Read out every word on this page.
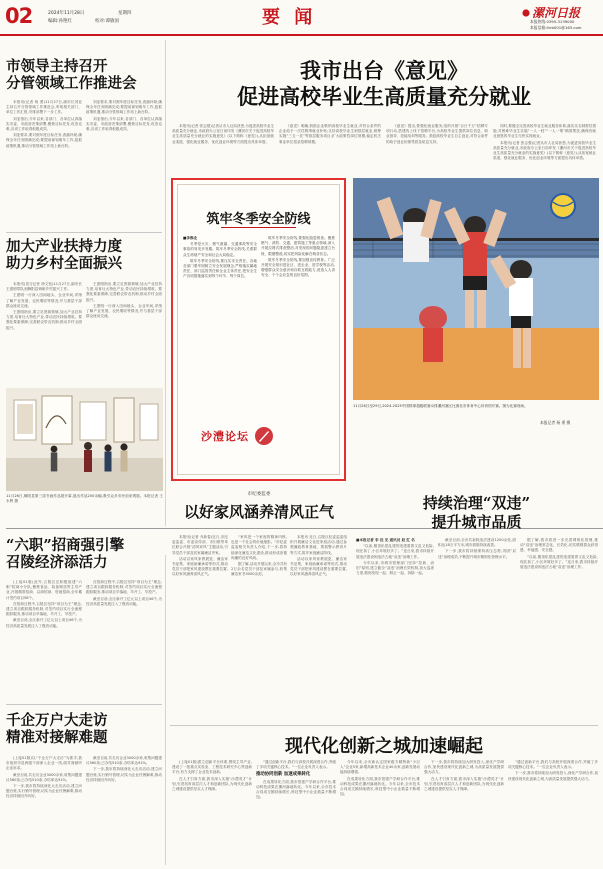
02	2024年11月28日	星期四
编辑:孙艳红	校对:谭敏国	要 闻	漯河日报
本报热线:0395-3139000
本报信箱:lhrb001@163.com
市领导主持召开
分管领域工作推进会

本报讯(记者 杨 勇)11月27日,副市长刘亚主持召开分管领域工作推进会,听取相关部门、单位工作汇报,安排部署下一步工作。

刘亚指出,今年以来,各部门、各单位认真落实市委、市政府决策部署,聚焦目标任务,攻坚克难,各项工作取得积极成效。

刘亚要求,要对照年度目标任务,查漏补缺,确保全年任务圆满完成;要提前谋划明年工作,抢抓政策机遇,推动分管领域工作再上新台阶。

刘亚要求,要对照年度目标任务,查漏补缺,确保全年任务圆满完成;要提前谋划明年工作,抢抓政策机遇,推动分管领域工作再上新台阶。

刘亚指出,今年以来,各部门、各单位认真落实市委、市政府决策部署,聚焦目标任务,攻坚克难,各项工作取得积极成效。

加大产业扶持力度
助力乡村全面振兴

本报讯(见习记者 徐文钰)11月27日,副市长王建明带队到舞阳县调研乡村振兴工作。

王建明一行深入田间地头、企业车间,详细了解产业发展、农民增收等情况,并与基层干部群众座谈交流。

王建明指出,要立足资源禀赋,加大产业扶持力度,培育壮大特色产业,带动农民持续增收。要强化要素保障,完善联农带农机制,推动乡村全面振兴。

王建明指出,要立足资源禀赋,加大产业扶持力度,培育壮大特色产业,带动农民持续增收。要强化要素保障,完善联农带农机制,推动乡村全面振兴。

王建明一行深入田间地头、企业车间,详细了解产业发展、农民增收等情况,并与基层干部群众座谈交流。

11月26日,舞阳县第三届书画作品展开幕,展出作品200余幅,吸引众多市民前来观展。本报记者 王永利 摄
“六职”招商强引擎
召陵经济添活力

(上接01版)此外,召陵区还积极组建“六职”招商小分队,聚焦食品、装备制造等主导产业,开展精准招商、以商招商、驻地招商,全年累计签约项目58个。

在招商过程中,召陵区坚持“项目为王”理念,建立项目跟踪服务机制,对签约项目实行全流程跟踪服务,推动项目早落地、早开工、早投产。

截至目前,全区新开工亿元以上项目46个,为经济高质量发展注入了强劲动能。

在招商过程中,召陵区坚持“项目为王”理念,建立项目跟踪服务机制,对签约项目实行全流程跟踪服务,推动项目早落地、早开工、早投产。

截至目前,全区新开工亿元以上项目46个,为经济高质量发展注入了强劲动能。

千企万户大走访
精准对接解难题

(上接01版)以“千企万户大走访”为抓手,我市组织市县两级干部深入企业一线,面对面倾听企业诉求。

截至目前,共走访企业3000余家,收集问题建议560条,已办结510条,办结率达91%。

下一步,我市将持续深化大走访活动,建立问题台账,实行销号管理,切实为企业纾困解难,推动经济持续回升向好。

截至目前,共走访企业3000余家,收集问题建议560条,已办结510条,办结率达91%。

下一步,我市将持续深化大走访活动,建立问题台账,实行销号管理,切实为企业纾困解难,推动经济持续回升向好。

我市出台《意见》
促进高校毕业生高质量充分就业

本报讯(记者 张志强)记者从市人社局获悉,为促进高校毕业生高质量充分就业,市政府办公室日前印发《漯河市关于促进高校毕业生高质量充分就业的实施意见》(以下简称《意见》),从拓宽就业渠道、强化就业服务、优化创业环境等方面提出具体举措。

《意见》明确,鼓励企业吸纳高校毕业生就业,对符合条件的企业给予一次性吸纳就业补贴;支持高校毕业生到基层就业,统筹实施“三支一扶”等基层服务项目;扩大政策性岗位规模,稳定机关事业单位招录招聘规模。

《意见》提出,要强化就业服务,组织开展“百日千万”招聘专项行动,搭建线上线下招聘平台,为高校毕业生提供岗位信息、职业指导、技能培训等服务。鼓励高校毕业生自主创业,对符合条件的给予创业担保贷款及贴息支持。

同时,要健全完善高校毕业生就业服务体系,落实实名制帮扶措施,对困难毕业生实施“一人一档”“一人一策”精准帮扶,确保有就业意愿的毕业生尽快实现就业。

本报讯(记者 张志强)记者从市人社局获悉,为促进高校毕业生高质量充分就业,市政府办公室日前印发《漯河市关于促进高校毕业生高质量充分就业的实施意见》(以下简称《意见》),从拓宽就业渠道、强化就业服务、优化创业环境等方面提出具体举措。

筑牢冬季安全防线

■李淮北

冬季是火灾、燃气泄漏、交通事故等安全事故的易发多发期。筑牢冬季安全防线,关系群众生命财产安全和社会大局稳定。

筑牢冬季安全防线,要压实安全责任。各地各部门要牢固树立安全发展理念,严格落实属地责任、部门监管责任和企业主体责任,把安全生产各项措施落实到每个环节、每个岗位。

筑牢冬季安全防线,要强化隐患排查。聚焦燃气、消防、交通、建筑施工等重点领域,深入开展拉网式排查整治,对发现的问题隐患建立台账、限期整改,切实把风险化解在萌芽状态。

筑牢冬季安全防线,要加强宣传教育。广泛开展安全知识进社区、进企业、进学校等活动,增强群众安全意识和自救互救能力,营造人人讲安全、个个会应急的良好氛围。

沙澧论坛
11月26日至29日,2024-2025中国排球超级联赛女排漯河赛区比赛在市体育中心体育馆开赛。图为比赛现场。
本报记者 杨 勇 摄
市纪委监委
以好家风涵养清风正气

本报讯(记者 乔新春)近日,市纪委监委、市委宣传部、市妇联等单位联合开展“清风家风”主题活动,引导党员干部及其家属廉洁齐家。

活动以家风家教展览、廉洁家书征集、家庭助廉承诺等形式,推动党员干部把家风建设摆在重要位置,以好家风涵养清风正气。

“家风是一个家庭的精神内核,也是一个社会的价值缩影。”市纪委监委相关负责人介绍,下一步,将持续深化廉洁文化建设,推动形成崇德尚廉的良好风尚。

据了解,活动开展以来,全市共有2万余名党员干部及家属参与,收集廉洁家书3000余封。

本报讯 近日,召陵区纪委监委组织开展廉洁文化进家庭活动,通过参观廉政教育基地、观看警示教育片等方式,筑牢家庭廉洁防线。

活动以家风家教展览、廉洁家书征集、家庭助廉承诺等形式,推动党员干部把家风建设摆在重要位置,以好家风涵养清风正气。

持续治理“双违”
提升城市品质

■本报记者 李 佳 见 通讯员 赵 红 名

“以前,楼顶私搭乱建的违建看着又乱又危险,现在拆了,小区环境好多了。”连日来,我市持续开展违法建设和违法占地“双违”治理工作。

今年以来,市城市管理部门坚持“控新、治旧”原则,建立健全“双违”治理长效机制,加大巡查力度,做到发现一起、制止一起、拆除一起。

截至目前,全市共拆除违法建设1200余处,面积达18万平方米,城市面貌持续改善。

下一步,我市将持续保持高压态势,巩固“双违”治理成效,不断提升城市精细化管理水平。

据了解,我市将进一步完善网格化管理,推动“双违”治理常态化、长效化,切实增强群众获得感、幸福感、安全感。

“以前,楼顶私搭乱建的违建看着又乱又危险,现在拆了,小区环境好多了。”连日来,我市持续开展违法建设和违法占地“双违”治理工作。

现代化创新之城加速崛起

(上接01版)建立创新平台体系,围绕主导产业,建设了一批重点实验室、工程技术研究中心等创新平台,有力支撑了企业技术创新。

在人才引育方面,我市深入实施“沙澧英才”计划,引进培育高层次人才和创新团队,为现代化创新之城建设提供坚实人才保障。

“通过创新平台,我们与高校开展深度合作,突破了多项关键核心技术。”一位企业负责人表示。

推动协同创新 加速成果转化

在成果转化方面,我市搭建产学研合作平台,推动科技成果在漯河落地转化。今年以来,全市技术合同成交额持续增长,科技型中小企业数量不断增加。

今年以来,全市新认定国家级专精特新“小巨人”企业5家,新增高新技术企业40余家,创新发展动能持续增强。

在成果转化方面,我市搭建产学研合作平台,推动科技成果在漯河落地转化。今年以来,全市技术合同成交额持续增长,科技型中小企业数量不断增加。

下一步,我市将持续加大研发投入,深化产学研合作,加快建设现代化创新之城,为高质量发展提供强大动力。

在人才引育方面,我市深入实施“沙澧英才”计划,引进培育高层次人才和创新团队,为现代化创新之城建设提供坚实人才保障。

“通过创新平台,我们与高校开展深度合作,突破了多项关键核心技术。”一位企业负责人表示。

下一步,我市将持续加大研发投入,深化产学研合作,加快建设现代化创新之城,为高质量发展提供强大动力。
